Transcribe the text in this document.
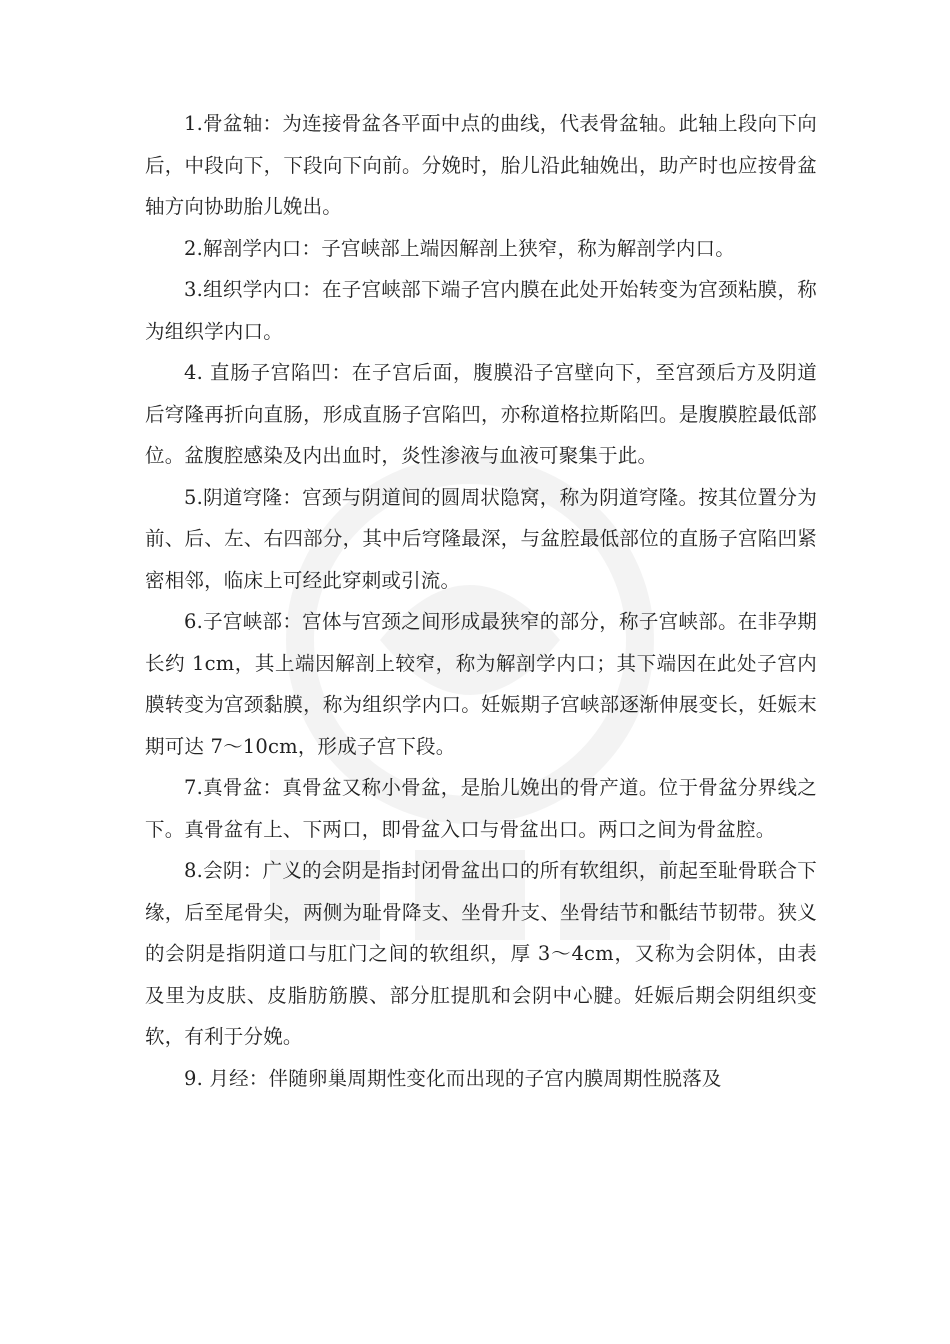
1.骨盆轴：为连接骨盆各平面中点的曲线，代表骨盆轴。此轴上段向下向后，中段向下，下段向下向前。分娩时，胎儿沿此轴娩出，助产时也应按骨盆轴方向协助胎儿娩出。

2.解剖学内口：子宫峡部上端因解剖上狭窄，称为解剖学内口。

3.组织学内口：在子宫峡部下端子宫内膜在此处开始转变为宫颈粘膜，称为组织学内口。

4. 直肠子宫陷凹：在子宫后面，腹膜沿子宫壁向下，至宫颈后方及阴道后穹隆再折向直肠，形成直肠子宫陷凹，亦称道格拉斯陷凹。是腹膜腔最低部位。盆腹腔感染及内出血时，炎性渗液与血液可聚集于此。

5.阴道穹隆：宫颈与阴道间的圆周状隐窝，称为阴道穹隆。按其位置分为前、后、左、右四部分，其中后穹隆最深，与盆腔最低部位的直肠子宫陷凹紧密相邻，临床上可经此穿刺或引流。

6.子宫峡部：宫体与宫颈之间形成最狭窄的部分，称子宫峡部。在非孕期长约 1cm，其上端因解剖上较窄，称为解剖学内口；其下端因在此处子宫内膜转变为宫颈黏膜，称为组织学内口。妊娠期子宫峡部逐渐伸展变长，妊娠末期可达 7～10cm，形成子宫下段。

7.真骨盆：真骨盆又称小骨盆，是胎儿娩出的骨产道。位于骨盆分界线之下。真骨盆有上、下两口，即骨盆入口与骨盆出口。两口之间为骨盆腔。

8.会阴：广义的会阴是指封闭骨盆出口的所有软组织，前起至耻骨联合下缘，后至尾骨尖，两侧为耻骨降支、坐骨升支、坐骨结节和骶结节韧带。狭义的会阴是指阴道口与肛门之间的软组织，厚 3～4cm，又称为会阴体，由表及里为皮肤、皮脂肪筋膜、部分肛提肌和会阴中心腱。妊娠后期会阴组织变软，有利于分娩。

9. 月经：伴随卵巢周期性变化而出现的子宫内膜周期性脱落及
